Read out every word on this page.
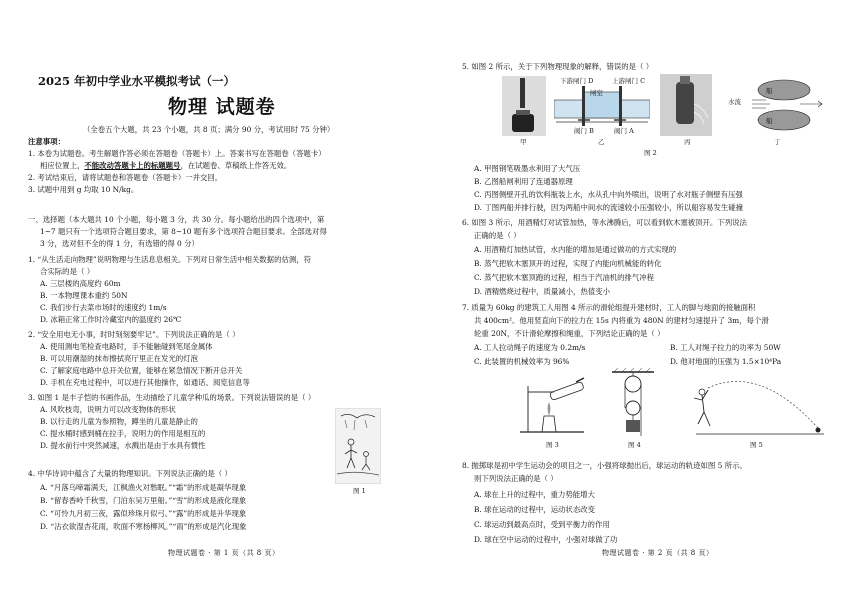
2025 年初中学业水平模拟考试（一）
物理 试题卷
（全卷五个大题，共 23 个小题，共 8 页；满分 90 分，考试用时 75 分钟）
注意事项：
1. 本卷为试题卷。考生解题作答必须在答题卷（答题卡）上。答案书写在答题卷（答题卡）
相应位置上，不能改动答题卡上的标题题号，在试题卷、草稿纸上作答无效。
2. 考试结束后，请将试题卷和答题卷（答题卡）一并交回。
3. 试题中用到 g 均取 10 N/kg。
一、选择题（本大题共 10 个小题，每小题 3 分，共 30 分。每小题给出的四个选项中，第
1~7 题只有一个选项符合题目要求，第 8~10 题有多个选项符合题目要求。全部选对得
3 分，选对但不全的得 1 分，有选错的得 0 分）
1. “从生活走向物理”说明物理与生活息息相关。下列对日常生活中相关数据的估测，符
合实际的是（ ）
A. 三层楼的高度约 60m
B. 一本物理课本重约 50N
C. 我们步行去菜市场时的速度约 1m/s
D. 冰箱正常工作时冷藏室内的温度约 26℃
2. “安全用电无小事，时时刻刻要牢记”。下列说法正确的是（ ）
A. 使用测电笔检查电路时，手不能触碰到笔尾金属体
B. 可以用潮湿的抹布擦拭亮厅里正在发光的灯泡
C. 了解家庭电路中总开关位置，能够在紧急情况下断开总开关
D. 手机在充电过程中，可以进行其他操作，如通话、阅览信息等
3. 如图 1 是丰子恺的书画作品，生动描绘了儿童学种瓜的场景。下列说法错误的是（ ）
A. 风吹枝弯，说明力可以改变物体的形状
B. 以行走的儿童为参照物，蹲坐的儿童是静止的
C. 提水桶时感到桶在拉手，说明力的作用是相互的
D. 提水前行中突然减速，水溅出是由于水具有惯性
图 1
4. 中华诗词中蕴含了大量的物理知识。下列说法正确的是（ ）
A. “月落乌啼霜满天，江枫渔火对愁眠。”“霜”的形成是凝华现象
B. “留春香岭千秋雪，门泊东吴万里船。”“雪”的形成是液化现象
C. “可怜九月初三夜，露似珍珠月似弓。”“露”的形成是升华现象
D. “沾衣欲湿杏花雨，吹面不寒杨柳风。”“雨”的形成是汽化现象
物理试题卷 · 第 1 页（共 8 页）
5. 如图 2 所示，关于下列物理现象的解释，错误的是（ ）
甲
下游闸门 D	上游闸门 C
闸室
阀门 B	阀门 A
乙	丙
船
船
水流
丁
图 2
A. 甲图钢笔吸墨水利用了大气压
B. 乙图船闸利用了连通器原理
C. 丙图侧壁开孔的饮料瓶装上水，水从孔中向外喷出，说明了水对瓶子侧壁有压强
D. 丁图两船并排行驶，因为两船中间水的流速较小压强较小，所以船容易发生碰撞
6. 如图 3 所示，用酒精灯对试管加热，等水沸腾后，可以看到软木塞被顶开。下列说法
正确的是（ ）
A. 用酒精灯加热试管，水内能的增加是通过做功的方式实现的
B. 蒸气把软木塞顶开的过程，实现了内能向机械能的转化
C. 蒸气把软木塞顶跑的过程，相当于汽油机的排气冲程
D. 酒精燃烧过程中，质量减小，热值变小
7. 质量为 60kg 的建筑工人用图 4 所示的滑轮组提升建材时，工人的脚与地面的接触面积
共 400cm²。他用竖直向下的拉力在 15s 内将重为 480N 的建材匀速提升了 3m，每个滑
轮重 20N，不计滑轮摩擦和绳重，下列结论正确的是（ ）
A. 工人拉动绳子的速度为 0.2m/s	B. 工人对绳子拉力的功率为 50W
C. 此装置的机械效率为 96%	D. 他对地面的压强为 1.5×10⁴Pa
图 3	图 4	图 5
8. 抛掷球是初中学生运动会的项目之一，小强将球抛出后，球运动的轨迹如图 5 所示。
则下列说法正确的是（ ）
A. 球在上升的过程中，重力势能增大
B. 球在运动的过程中，运动状态改变
C. 球运动到最高点时，受到平衡力的作用
D. 球在空中运动的过程中，小强对球做了功
物理试题卷 · 第 2 页（共 8 页）
